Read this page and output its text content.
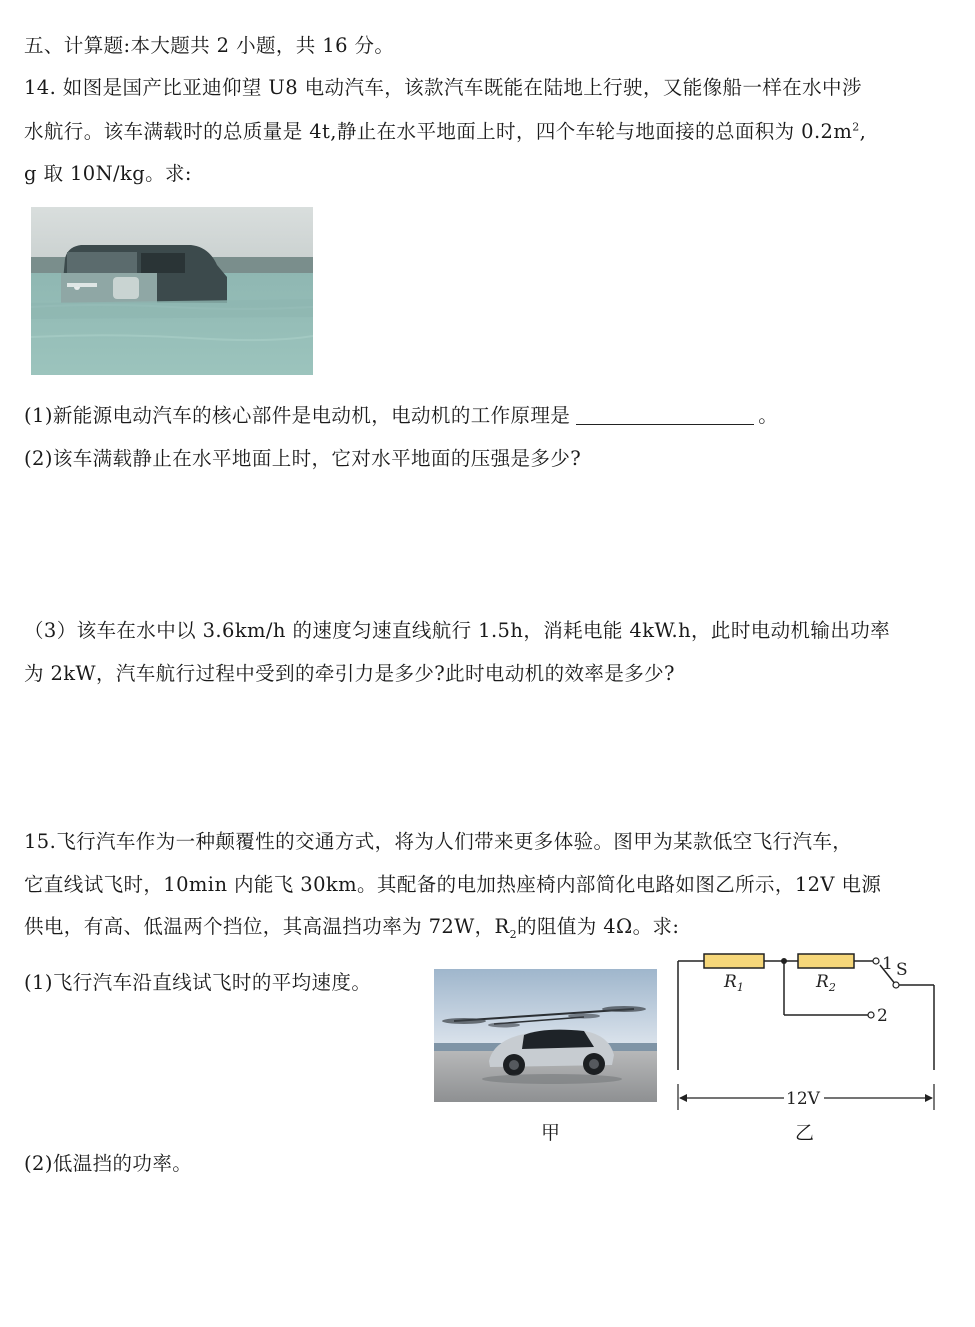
五、计算题:本大题共 2 小题，共 16 分。
14. 如图是国产比亚迪仰望 U8 电动汽车，该款汽车既能在陆地上行驶，又能像船一样在水中涉
水航行。该车满载时的总质量是 4t,静止在水平地面上时，四个车轮与地面接的总面积为 $0.2m^2$,
g 取 10N/kg。求:
(1)新能源电动汽车的核心部件是电动机，电动机的工作原理是	。
(2)该车满载静止在水平地面上时，它对水平地面的压强是多少?
（3）该车在水中以 3.6km/h 的速度匀速直线航行 1.5h，消耗电能 4kW.h，此时电动机输出功率
为 2kW，汽车航行过程中受到的牵引力是多少?此时电动机的效率是多少?
15.飞行汽车作为一种颠覆性的交通方式，将为人们带来更多体验。图甲为某款低空飞行汽车，
它直线试飞时，10min 内能飞 30km。其配备的电加热座椅内部简化电路如图乙所示，12V 电源
供电，有高、低温两个挡位，其高温挡功率为 72W，$R_2$的阻值为 4Ω。求:
(1)飞行汽车沿直线试飞时的平均速度。	$R_1$	$R_2$
1
2
S
12V
甲	乙
(2)低温挡的功率。
